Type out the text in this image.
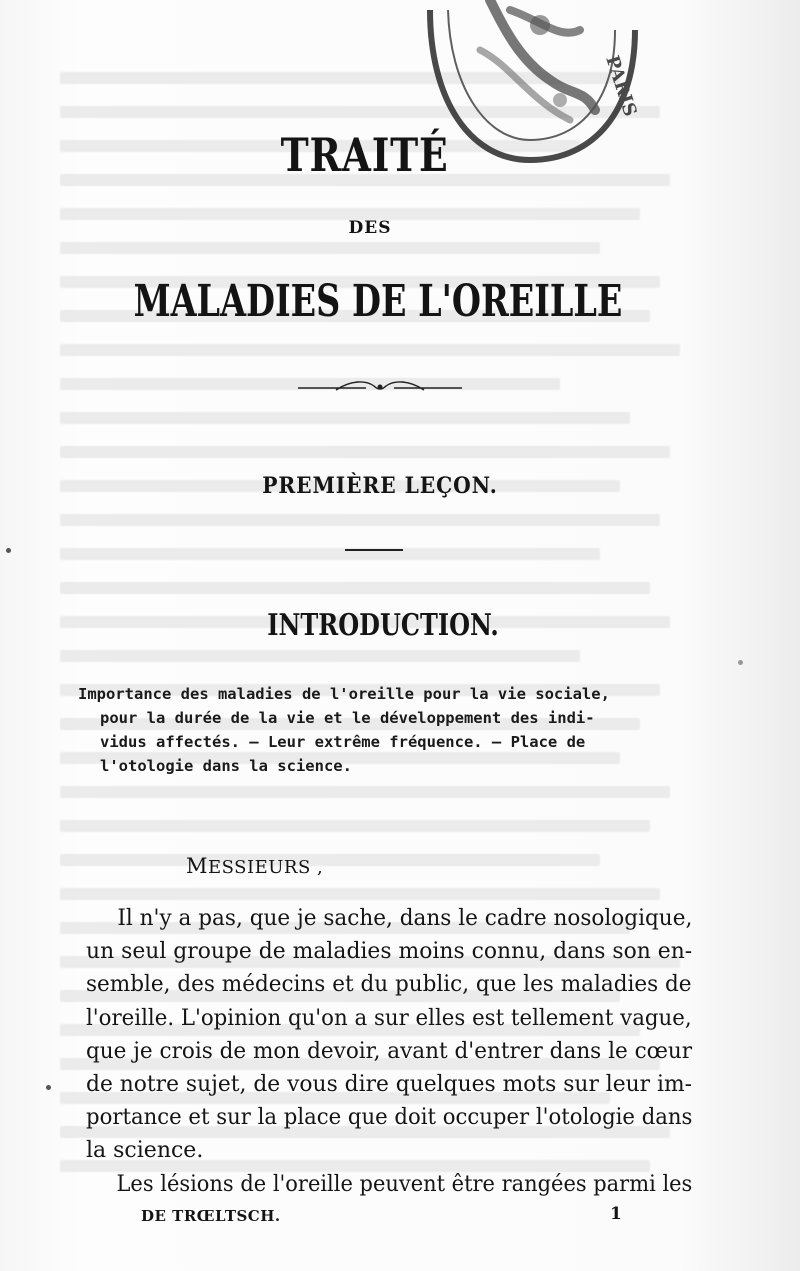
PARIS
TRAITÉ
DES
MALADIES DE L'OREILLE
PREMIÈRE LEÇON.
INTRODUCTION.
Importance des maladies de l'oreille pour la vie sociale,
pour la durée de la vie et le développement des indi-
vidus affectés. — Leur extrême fréquence. — Place de
l'otologie dans la science.
MESSIEURS ,
Il n'y a pas, que je sache, dans le cadre nosologique,
un seul groupe de maladies moins connu, dans son en-
semble, des médecins et du public, que les maladies de
l'oreille. L'opinion qu'on a sur elles est tellement vague,
que je crois de mon devoir, avant d'entrer dans le cœur
de notre sujet, de vous dire quelques mots sur leur im-
portance et sur la place que doit occuper l'otologie dans
la science.
Les lésions de l'oreille peuvent être rangées parmi les
DE TRŒLTSCH.	1
